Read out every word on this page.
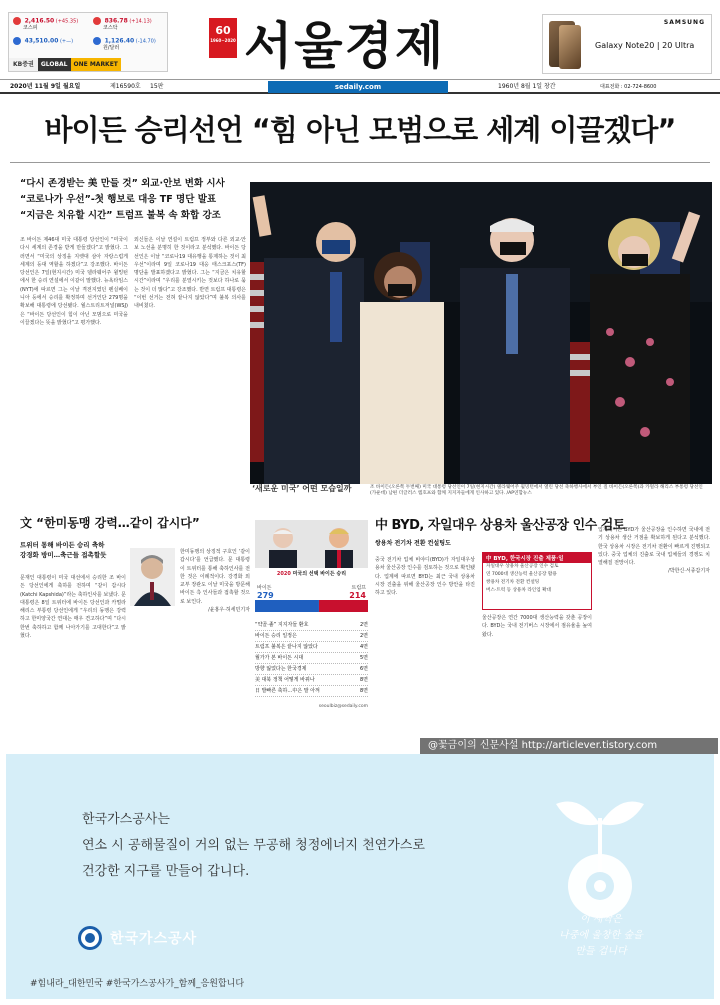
2,416.50 (+45.35)
코스피
836.78 (+14.13)
코스닥
43,510.00 (+—)	1,126.40 (-14.70)
원/달러
KB증권	GLOBAL	ONE MARKET
60
1960~2020 서울경제	SAMSUNG
Galaxy Note20 | 20 Ultra
2020년 11월 9일 월요일	제16590호 15판	1960년 8월 1일 창간	대표전화 : 02-724-8600
sedaily.com
바이든 승리선언 “힘 아닌 모범으로 세계 이끌겠다”
“다시 존경받는 美 만들 것” 외교·안보 변화 시사
“코로나가 우선”-첫 행보로 대응 TF 명단 발표
“지금은 치유할 시간” 트럼프 불복 속 화합 강조
조 바이든 제46대 미국 대통령 당선인이 “미국이 다시 세계의 존경을 받게 만들겠다”고 밝혔다. 그러면서 “미국의 상징을 지렛대 삼아 자랑스럽게 세계의 등대 역할을 하겠다”고 강조했다. 바이든 당선인은 7일(현지시간) 미국 델라웨어주 윌밍턴에서 한 승리 연설에서 이같이 말했다. 뉴욕타임스(NYT)에 따르면 그는 이날 격전지였던 펜실베이니아 등에서 승리를 확정하며 선거인단 279명을 확보해 대통령에 당선됐다. 월스트리트저널(WSJ)은 “바이든 당선인이 힘이 아닌 모범으로 미국을 이끌겠다는 뜻을 밝혔다”고 평가했다.
외신들은 이날 연설이 트럼프 정부와 다른 외교·안보 노선을 분명히 한 것이라고 분석했다. 바이든 당선인은 이날 “코로나19 대유행을 통제하는 것이 최우선”이라며 9일 코로나19 대응 태스크포스(TF) 명단을 발표하겠다고 밝혔다. 그는 “지금은 치유할 시간”이라며 “우리를 분열시키는 것보다 하나로 묶는 것이 더 많다”고 강조했다. 반면 트럼프 대통령은 “이번 선거는 전혀 끝나지 않았다”며 불복 의사를 내비쳤다.
‘새로운 미국’ 어떤 모습일까	조 바이든(오른쪽 두번째) 미국 대통령 당선인이 7일(현지시간) 델라웨어주 윌밍턴에서 열린 당선 축하행사에서 부인 질 바이든(오른쪽)과 카멀라 해리스 부통령 당선인(가운데) 남편 더글러스 엠호프와 함께 지지자들에게 인사하고 있다. /AP연합뉴스
文 “한미동맹 강력…같이 갑시다”
트위터 통해 바이든 승리 축하
강경화 방미…축근들 접촉할듯
문재인 대통령이 미국 대선에서 승리한 조 바이든 당선인에게 축하를 전하며 “같이 갑시다(Katchi Kapshida)”라는 축하인사를 보냈다. 문 대통령은 8일 트위터에 바이든 당선인과 카멀라 해리스 부통령 당선인에게 “우리의 동맹은 강력하고 한미양국간 연대는 매우 견고하다”며 “다시 한번 축하하고 함께 나아가기를 고대한다”고 밝혔다.
한미동맹의 상징적 구호인 ‘같이 갑시다’를 언급했다. 문 대통령이 트위터를 통해 축하인사를 전한 것은 이례적이다. 강경화 외교부 장관도 이날 미국을 방문해 바이든 측 인사들과 접촉할 것으로 보인다.
/윤홍우·허세민기자
2020 미국의 선택 바이든 승리
바이든
279
트럼프
214
“약골·졸” 지지자들 환호	2면
바이든 승리 일정은	2면
트럼프 불복은 끝나지 않았다	4면
월가가 본 바이든 시대	5면
방향 잃었다는 한국경제	6면
美 대북 정책 어떻게 바뀌나	8면
日 발빠른 축하…中은 말 아껴	8면
seoulbiz@sedaily.com
中 BYD, 자일대우 상용차 울산공장 인수 검토
쌍용차 전기차 전환 컨설팅도
중국 전기차 업체 비야디(BYD)가 자일대우상용차 울산공장 인수를 검토하는 것으로 확인됐다. 업계에 따르면 BYD는 최근 국내 상용차 시장 진출을 위해 울산공장 인수 방안을 타진하고 있다.
中 BYD, 한국시장 진출 제품·일
자일대우 상용차 울산공장 인수 검토
연 7000대 생산능력 울산공장 활용
쌍용차 전기차 전환 컨설팅
버스·트럭 등 상용차 라인업 확대
울산공장은 연간 7000대 생산능력을 갖춘 공장이다. BYD는 국내 전기버스 시장에서 점유율을 높여왔다.
업계에서는 BYD가 울산공장을 인수하면 국내에 전기 상용차 생산 거점을 확보하게 된다고 분석했다. 한국 상용차 시장은 전기차 전환이 빠르게 진행되고 있다. 중국 업체의 진출로 국내 업체들의 경쟁도 치열해질 전망이다.
/박한신·서종갑기자
@꽃금이의 신문사설 http://articlever.tistory.com
한국가스공사는
연소 시 공해물질이 거의 없는 무공해 청정에너지 천연가스로
건강한 지구를 만들어 갑니다.
한국가스공사
#힘내라_대한민국 #한국가스공사가_함께_응원합니다
이 새싹은
나중에 울창한 숲을
만들 겁니다
